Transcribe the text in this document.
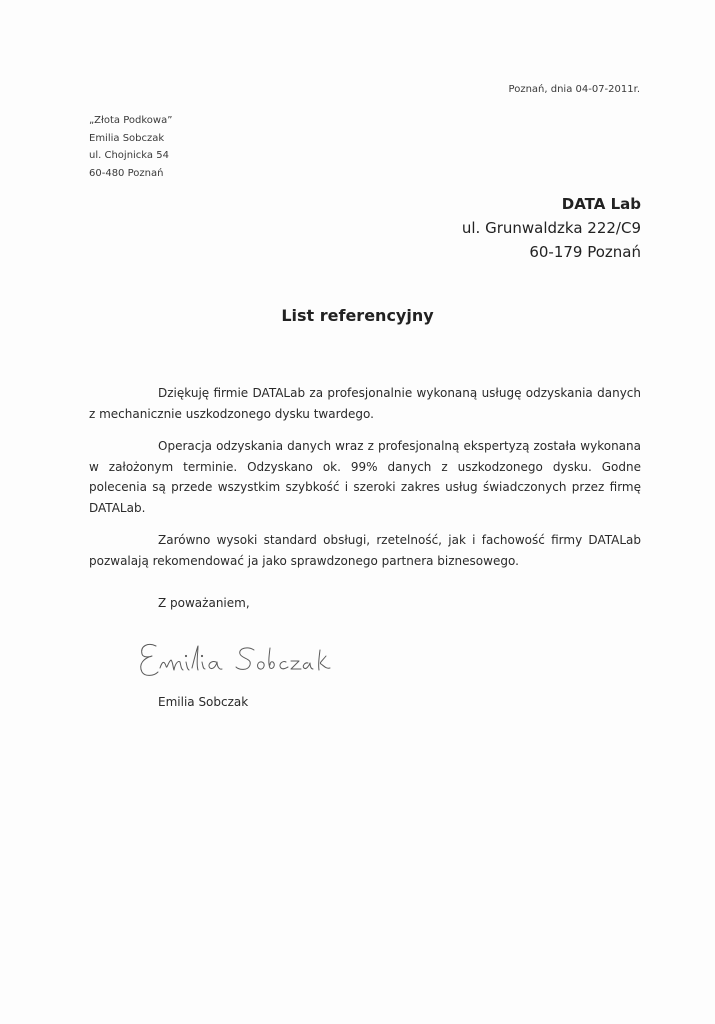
Poznań, dnia 04-07-2011r.
„Złota Podkowa”
Emilia Sobczak
ul. Chojnicka 54
60-480 Poznań
DATA Lab
ul. Grunwaldzka 222/C9
60-179 Poznań
List referencyjny

Dziękuję firmie DATALab za profesjonalnie wykonaną usługę odzyskania danych z mechanicznie uszkodzonego dysku twardego.

Operacja odzyskania danych wraz z profesjonalną ekspertyzą została wykonana w założonym terminie. Odzyskano ok. 99% danych z uszkodzonego dysku. Godne polecenia są przede wszystkim szybkość i szeroki zakres usług świadczonych przez firmę DATALab.

Zarówno wysoki standard obsługi, rzetelność, jak i fachowość firmy DATALab pozwalają rekomendować ja jako sprawdzonego partnera biznesowego.

Z poważaniem,
Emilia Sobczak
